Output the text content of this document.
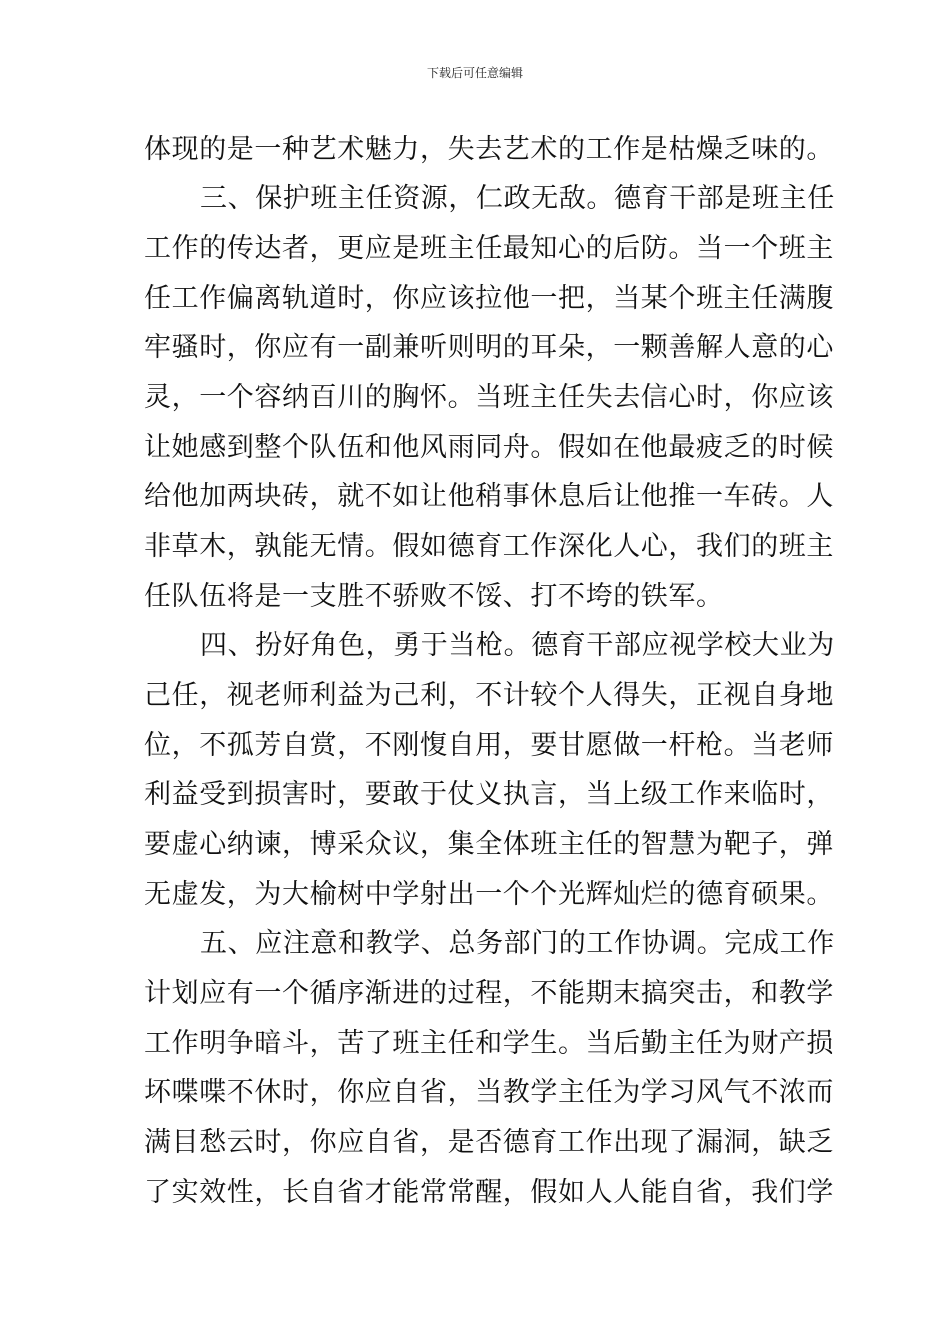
下载后可任意编辑
体现的是一种艺术魅力，失去艺术的工作是枯燥乏味的。
三、保护班主任资源，仁政无敌。德育干部是班主任
工作的传达者，更应是班主任最知心的后防。当一个班主
任工作偏离轨道时，你应该拉他一把，当某个班主任满腹
牢骚时，你应有一副兼听则明的耳朵，一颗善解人意的心
灵，一个容纳百川的胸怀。当班主任失去信心时，你应该
让她感到整个队伍和他风雨同舟。假如在他最疲乏的时候
给他加两块砖，就不如让他稍事休息后让他推一车砖。人
非草木，孰能无情。假如德育工作深化人心，我们的班主
任队伍将是一支胜不骄败不馁、打不垮的铁军。
四、扮好角色，勇于当枪。德育干部应视学校大业为
己任，视老师利益为己利，不计较个人得失，正视自身地
位，不孤芳自赏，不刚愎自用，要甘愿做一杆枪。当老师
利益受到损害时，要敢于仗义执言，当上级工作来临时，
要虚心纳谏，博采众议，集全体班主任的智慧为靶子，弹
无虚发，为大榆树中学射出一个个光辉灿烂的德育硕果。
五、应注意和教学、总务部门的工作协调。完成工作
计划应有一个循序渐进的过程，不能期末搞突击，和教学
工作明争暗斗，苦了班主任和学生。当后勤主任为财产损
坏喋喋不休时，你应自省，当教学主任为学习风气不浓而
满目愁云时，你应自省，是否德育工作出现了漏洞，缺乏
了实效性，长自省才能常常醒，假如人人能自省，我们学
